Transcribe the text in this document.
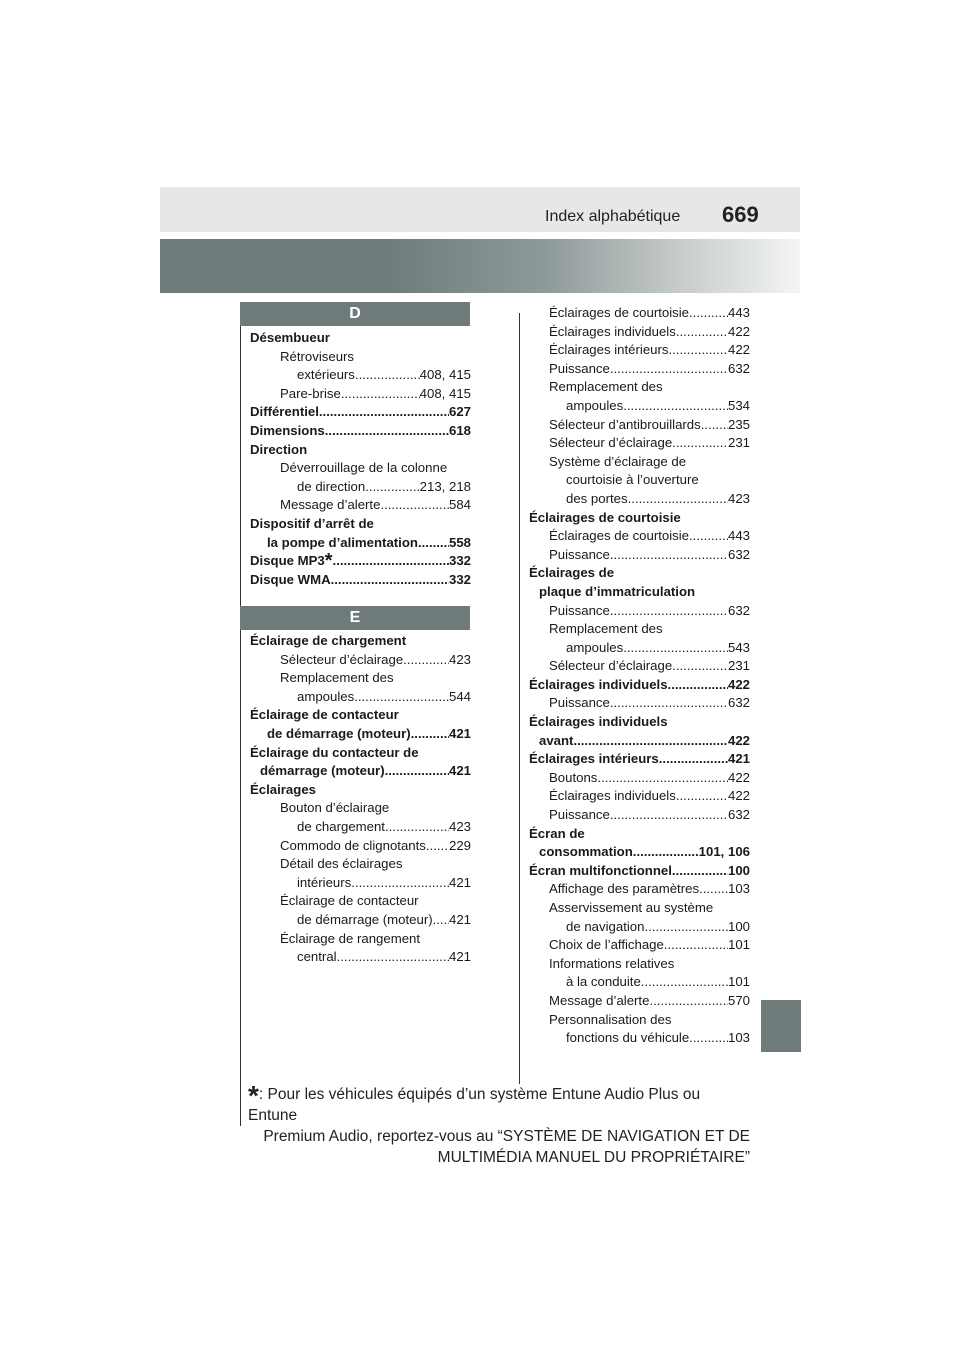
Index alphabétique 669
D
Désembueur
Rétroviseurs
extérieurs .....	408, 415
Pare-brise .....	408, 415
Différentiel .....	627
Dimensions .....	618
Direction
Déverrouillage de la colonne
de direction .....	213, 218
Message d’alerte .....	584
Dispositif d’arrêt de
la pompe d’alimentation ..... 558
Disque MP3* .....	332
Disque WMA .....	332
E
Éclairage de chargement
Sélecteur d’éclairage .....	423
Remplacement des
ampoules .....	544
Éclairage de contacteur
de démarrage (moteur) .....	421
Éclairage du contacteur de
démarrage (moteur) .....	421
Éclairages
Bouton d’éclairage
de chargement .....	423
Commodo de clignotants ..... 229
Détail des éclairages
intérieurs .....	421
Éclairage de contacteur
de démarrage (moteur) ..... 421
Éclairage de rangement
central .....	421
Éclairages de courtoisie .....	443
Éclairages individuels .....	422
Éclairages intérieurs .....	422
Puissance .....	632
Remplacement des
ampoules .....	534
Sélecteur d’antibrouillards ..... 235
Sélecteur d’éclairage .....	231
Système d’éclairage de
courtoisie à l’ouverture
des portes .....	423
Éclairages de courtoisie
Éclairages de courtoisie .....	443
Puissance .....	632
Éclairages de
plaque d’immatriculation
Puissance .....	632
Remplacement des
ampoules .....	543
Sélecteur d’éclairage .....	231
Éclairages individuels .....	422
Puissance .....	632
Éclairages individuels
avant .....	422
Éclairages intérieurs .....	421
Boutons .....	422
Éclairages individuels .....	422
Puissance .....	632
Écran de
consommation .....	101, 106
Écran multifonctionnel .....	100
Affichage des paramètres ..... 103
Asservissement au système
de navigation .....	100
Choix de l’affichage .....	101
Informations relatives
à la conduite .....	101
Message d’alerte .....	570
Personnalisation des
fonctions du véhicule .....	103
*: Pour les véhicules équipés d’un système Entune Audio Plus ou Entune
Premium Audio, reportez-vous au “SYSTÈME DE NAVIGATION ET DE
MULTIMÉDIA MANUEL DU PROPRIÉTAIRE”
